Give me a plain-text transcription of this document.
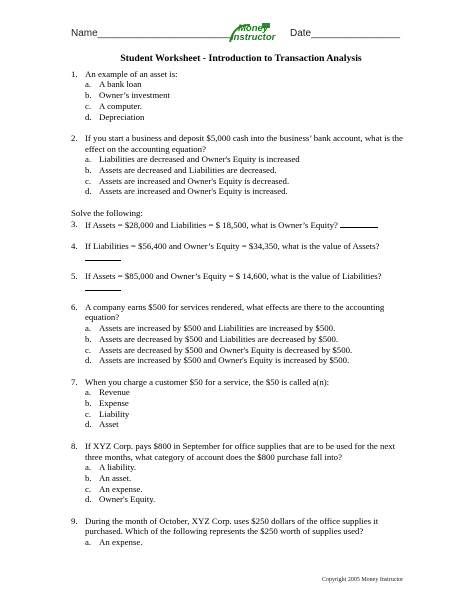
Name________________________ Money
Instructor Date________________
Student Worksheet - Introduction to Transaction Analysis
1. An example of an asset is:
a. A bank loan
b. Owner’s investment
c. A computer.
d. Depreciation
2. If you start a business and deposit $5,000 cash into the business’ bank account, what is the effect on the accounting equation?
a. Liabilities are decreased and Owner's Equity is increased
b. Assets are decreased and Liabilities are decreased.
c. Assets are increased and Owner's Equity is decreased.
d. Assets are increased and Owner's Equity is increased.
Solve the following:
3. If Assets = $28,000 and Liabilities = $ 18,500, what is Owner’s Equity?
4. If Liabilities = $56,400 and Owner’s Equity = $34,350, what is the value of Assets?
5. If Assets = $85,000 and Owner’s Equity = $ 14,600, what is the value of Liabilities?
6. A company earns $500 for services rendered, what effects are there to the accounting equation?
a. Assets are increased by $500 and Liabilities are increased by $500.
b. Assets are decreased by $500 and Liabilities are decreased by $500.
c. Assets are decreased by $500 and Owner's Equity is decreased by $500.
d. Assets are increased by $500 and Owner's Equity is increased by $500.
7. When you charge a customer $50 for a service, the $50 is called a(n):
a. Revenue
b. Expense
c. Liability
d. Asset
8. If XYZ Corp. pays $800 in September for office supplies that are to be used for the next three months, what category of account does the $800 purchase fall into?
a. A liability.
b. An asset.
c. An expense.
d. Owner's Equity.
9. During the month of October, XYZ Corp. uses $250 dollars of the office supplies it purchased. Which of the following represents the $250 worth of supplies used?
a. An expense.
Copyright 2005 Money Instructor
